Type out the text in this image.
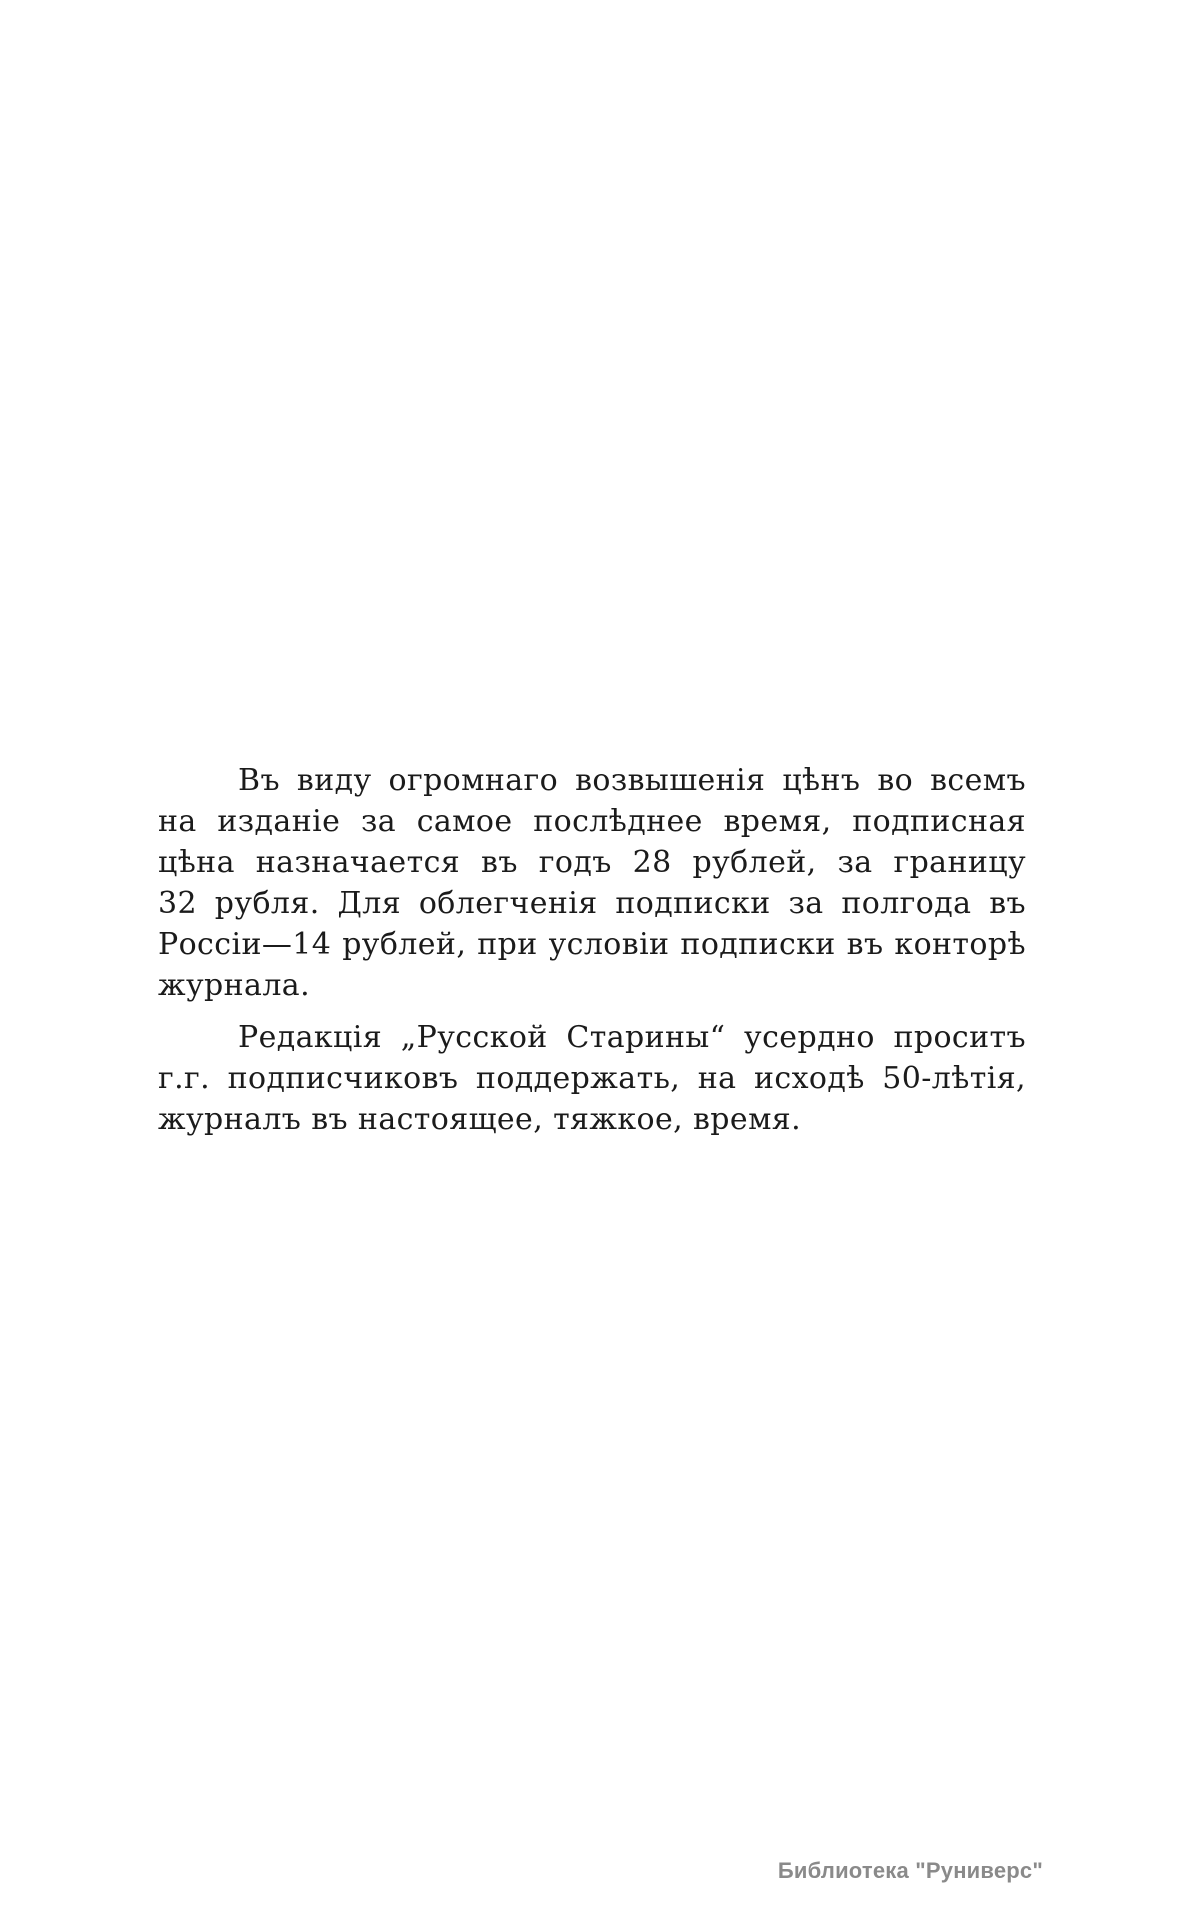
Въ виду огромнаго возвышенія цѣнъ во всемъ
на изданіе за самое послѣднее время, подписная
цѣна назначается въ годъ 28 рублей, за границу
32 рубля. Для облегченія подписки за полгода въ
Россіи—14 рублей, при условіи подписки въ конторѣ
журнала.

Редакція „Русской Старины“ усердно проситъ
г.г. подписчиковъ поддержать, на исходѣ 50-лѣтія,
журналъ въ настоящее, тяжкое, время.

Библиотека "Руниверс"
